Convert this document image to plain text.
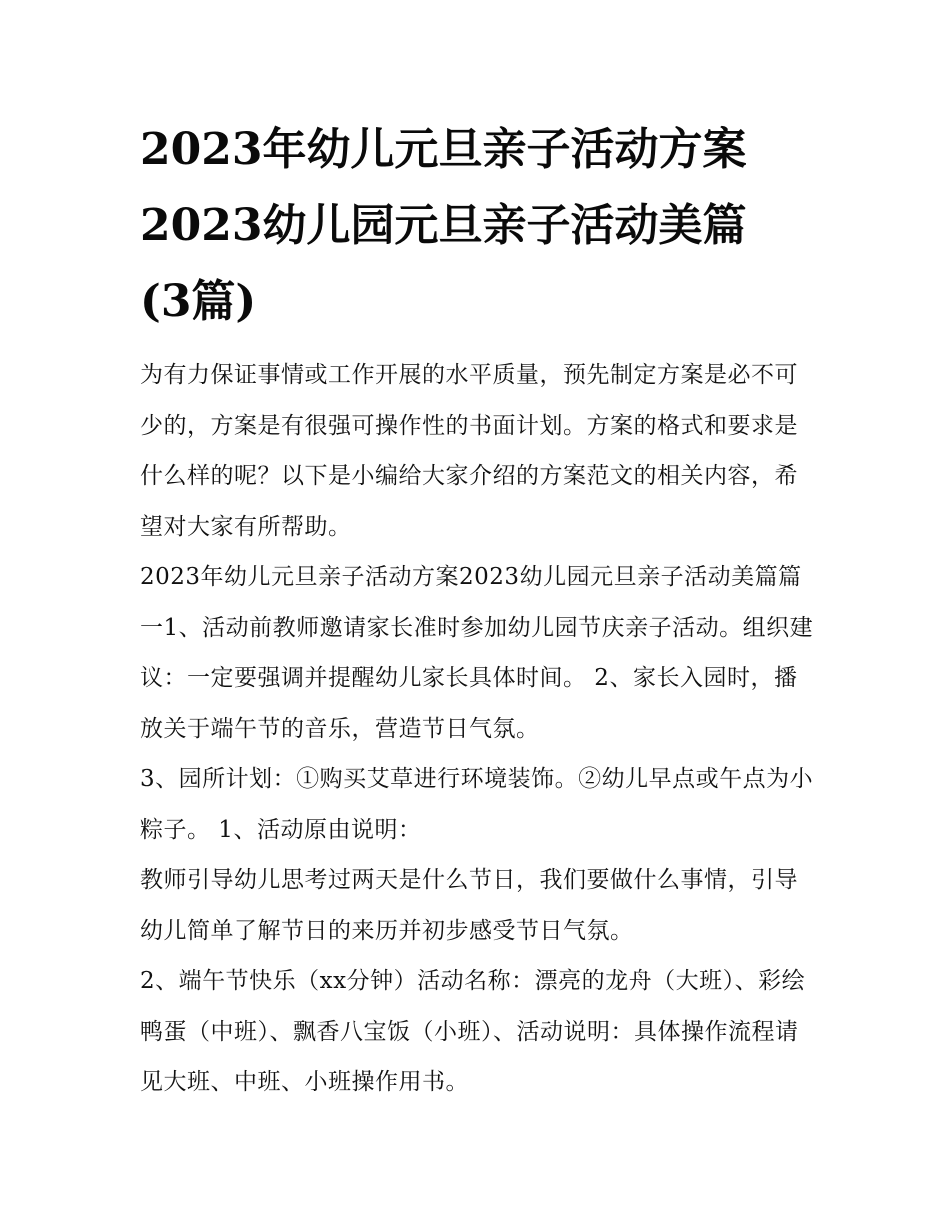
2023年幼儿元旦亲子活动方案
2023幼儿园元旦亲子活动美篇
(3篇)

为有力保证事情或工作开展的水平质量，预先制定方案是必不可少的，方案是有很强可操作性的书面计划。方案的格式和要求是什么样的呢？以下是小编给大家介绍的方案范文的相关内容，希望对大家有所帮助。

2023年幼儿元旦亲子活动方案2023幼儿园元旦亲子活动美篇篇一1、活动前教师邀请家长准时参加幼儿园节庆亲子活动。组织建议：一定要强调并提醒幼儿家长具体时间。 2、家长入园时，播放关于端午节的音乐，营造节日气氛。

3、园所计划：①购买艾草进行环境装饰。②幼儿早点或午点为小粽子。 1、活动原由说明：

教师引导幼儿思考过两天是什么节日，我们要做什么事情，引导幼儿简单了解节日的来历并初步感受节日气氛。

2、端午节快乐（xx分钟）活动名称：漂亮的龙舟（大班）、彩绘鸭蛋（中班）、飘香八宝饭（小班）、活动说明：具体操作流程请见大班、中班、小班操作用书。
